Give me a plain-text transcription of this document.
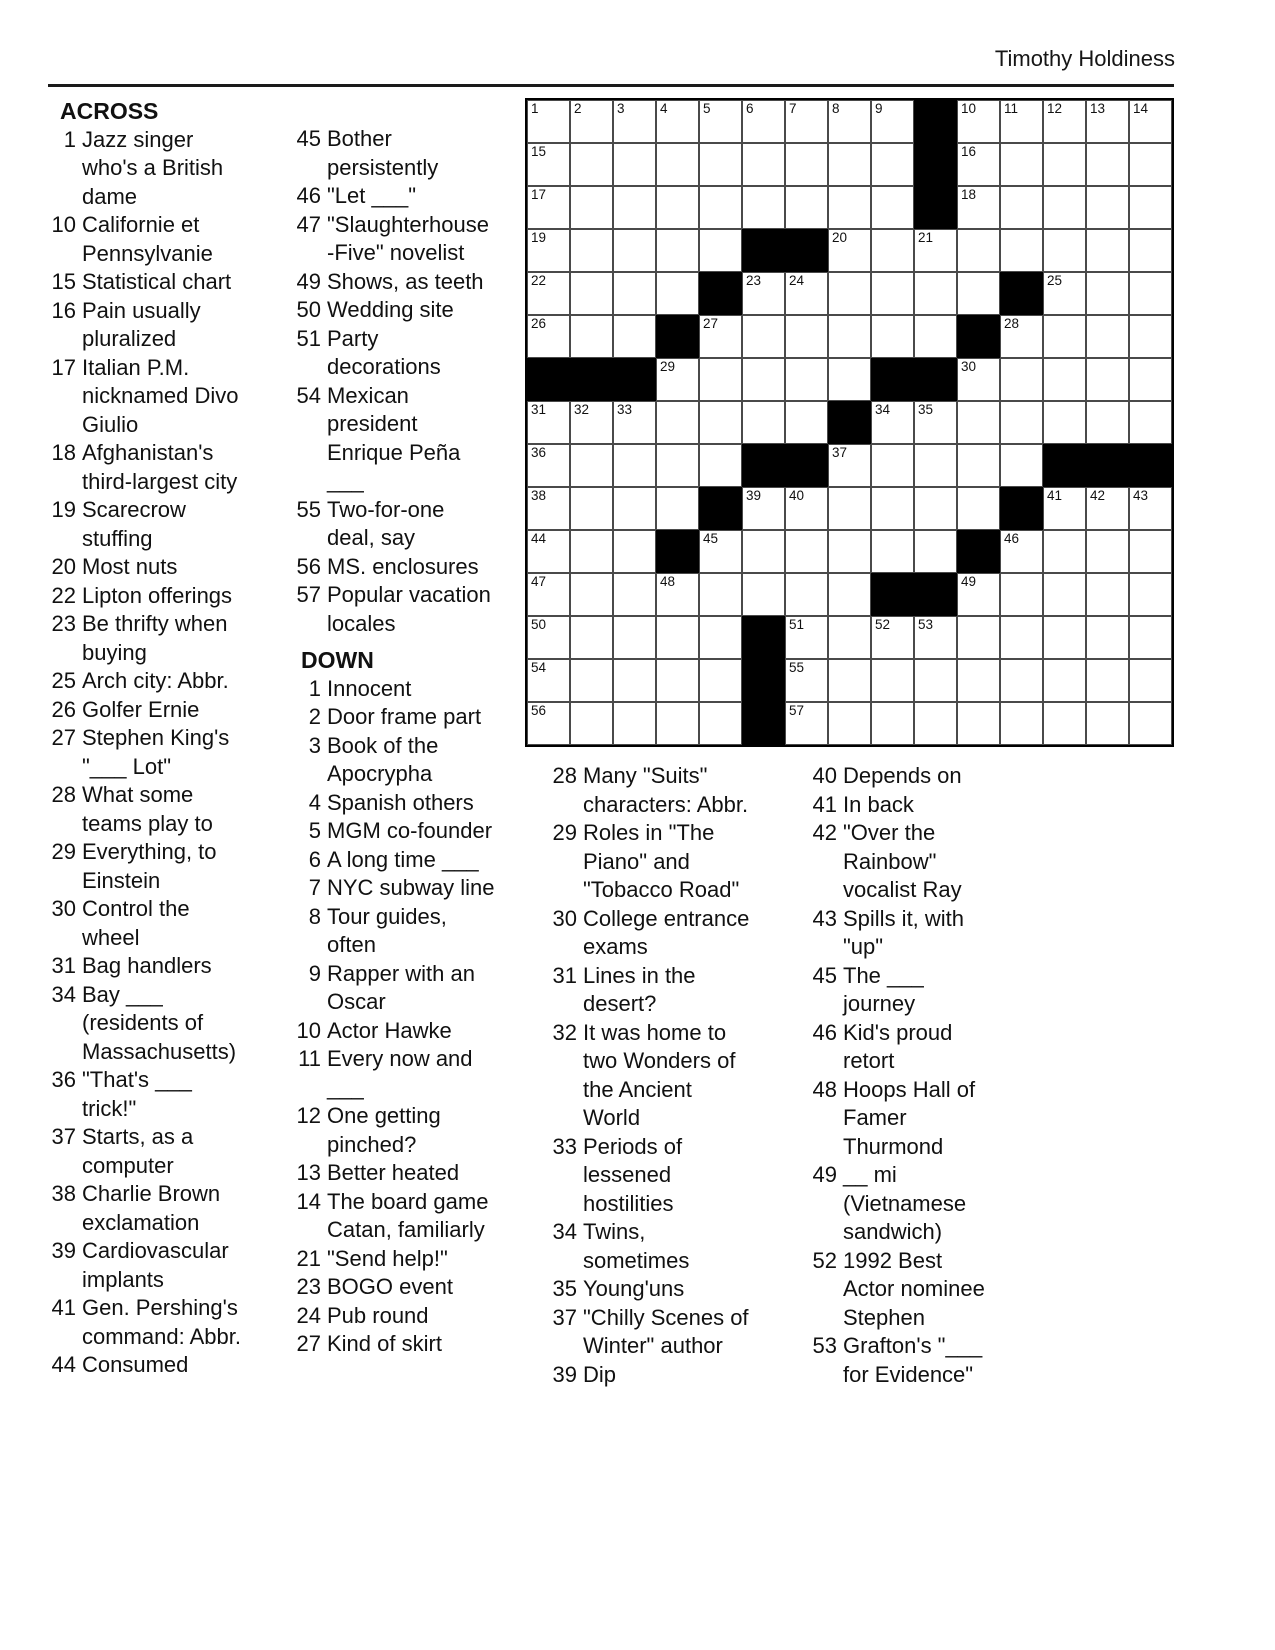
Timothy Holdiness
1	2	3	4	5	6	7	8	9	10 11 12 13 14
15	16
17	18
19	20	21
22	23 24	25
26	27	28
29	30
31 32 33	34 35
36	37
38	39 40	41 42 43
44	45	46
47	48	49
50	51	52 53
54	55
56	57
ACROSS
1 Jazz singer who's a British dame
10 Californie et Pennsylvanie
15 Statistical chart
16 Pain usually pluralized
17 Italian P.M. nicknamed Divo Giulio
18 Afghanistan's third-largest city
19 Scarecrow stuffing
20 Most nuts
22 Lipton offerings
23 Be thrifty when buying
25 Arch city: Abbr.
26 Golfer Ernie
27 Stephen King's "___ Lot"
28 What some teams play to
29 Everything, to Einstein
30 Control the wheel
31 Bag handlers
34 Bay ___ (residents of Massachusetts)
36 "That's ___ trick!"
37 Starts, as a computer
38 Charlie Brown exclamation
39 Cardiovascular implants
41 Gen. Pershing's command: Abbr.
44 Consumed
45 Bother persistently
46 "Let ___"
47 "Slaughterhouse-Five" novelist
49 Shows, as teeth
50 Wedding site
51 Party decorations
54 Mexican president Enrique Peña ___
55 Two-for-one deal, say
56 MS. enclosures
57 Popular vacation locales
DOWN
1 Innocent
2 Door frame part
3 Book of the Apocrypha
4 Spanish others
5 MGM co-founder
6 A long time ___
7 NYC subway line
8 Tour guides, often
9 Rapper with an Oscar
10 Actor Hawke
11 Every now and ___
12 One getting pinched?
13 Better heated
14 The board game Catan, familiarly
21 "Send help!"
23 BOGO event
24 Pub round
27 Kind of skirt
28 Many "Suits" characters: Abbr.
29 Roles in "The Piano" and "Tobacco Road"
30 College entrance exams
31 Lines in the desert?
32 It was home to two Wonders of the Ancient World
33 Periods of lessened hostilities
34 Twins, sometimes
35 Young'uns
37 "Chilly Scenes of Winter" author
39 Dip
40 Depends on
41 In back
42 "Over the Rainbow" vocalist Ray
43 Spills it, with "up"
45 The ___ journey
46 Kid's proud retort
48 Hoops Hall of Famer Thurmond
49 __ mi (Vietnamese sandwich)
52 1992 Best Actor nominee Stephen
53 Grafton's "___ for Evidence"
